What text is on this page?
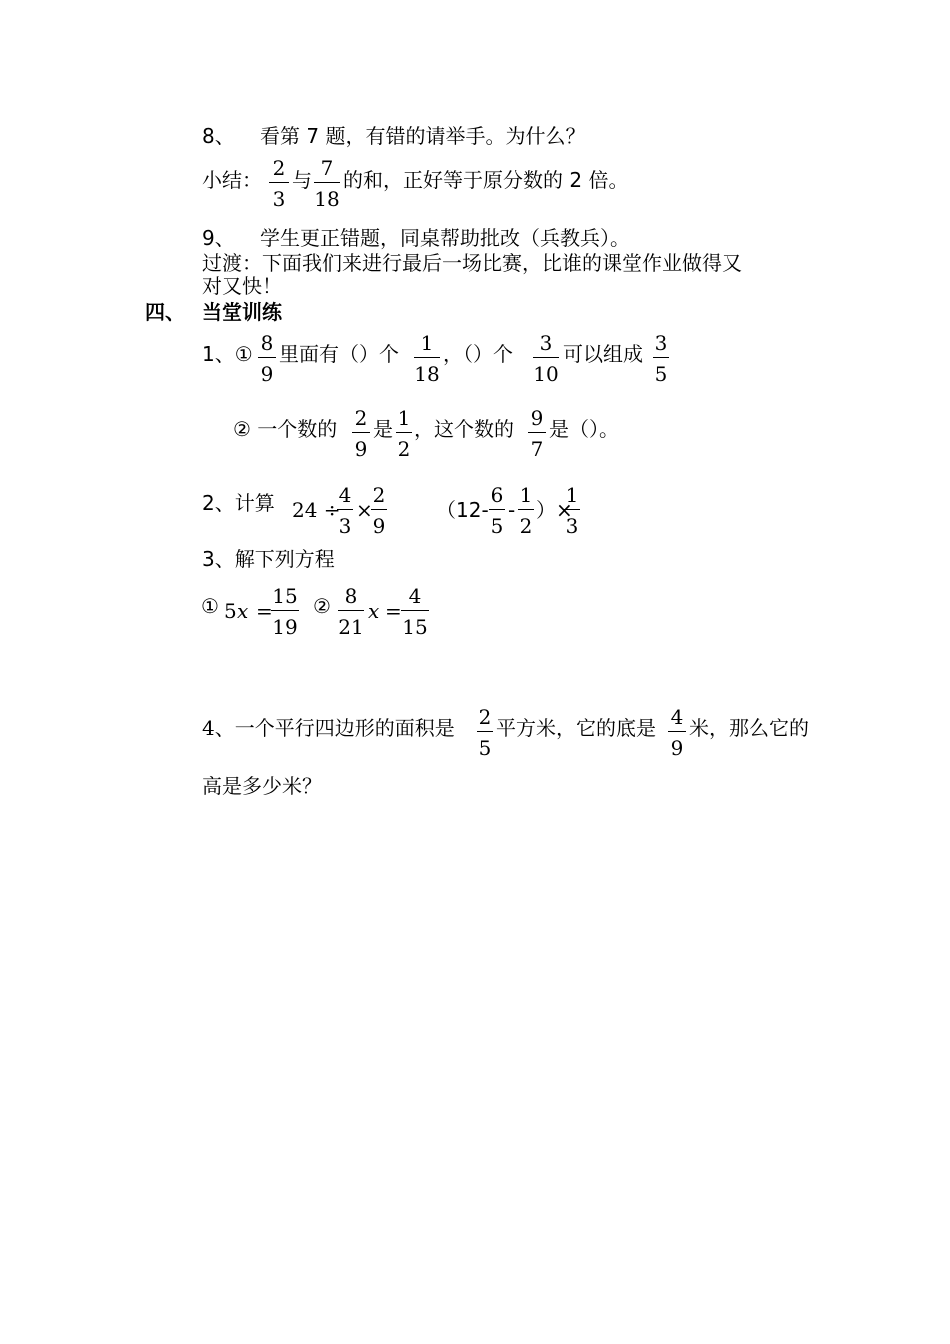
8、 看第 7 题，有错的请举手。为什么？
小结： 2
3
与 7
18
的和，正好等于原分数的 2 倍。
9、 学生更正错题，同桌帮助批改（兵教兵）。
过渡：下面我们来进行最后一场比赛，比谁的课堂作业做得又
对又快！
四、 当堂训练
1、① 8
9
里面有（）个	1
18
，（）个	3
10
可以组成 3
5
② 一个数的 2
9
是 1
2
，这个数的 9
7
是（）。
2、计算 24 ÷
4
3
×
2
9
（12-
6
5
-
1
2
）×
1
3
3、解下列方程
① 5 x =
15
19
② 8
21
x =
4
15
4、一个平行四边形的面积是 2
5
平方米，它的底是 4
9
米，那么它的
高是多少米？
